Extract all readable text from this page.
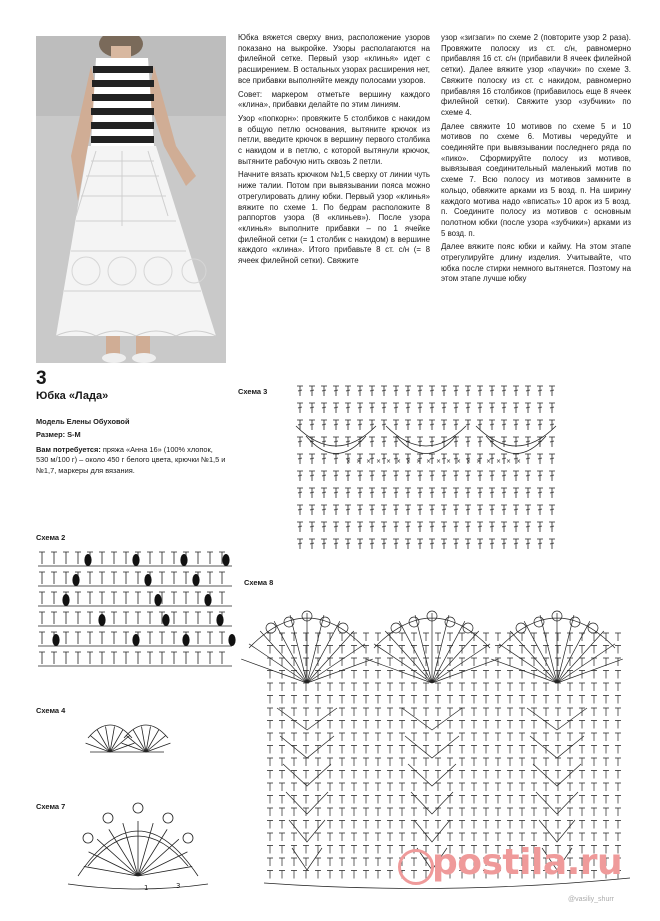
Юбка вяжется сверху вниз, расположение узоров показано на выкройке. Узоры располагаются на филейной сетке. Первый узор «клинья» идет с расширением. В остальных узорах расширения нет, все прибавки выполняйте между полосами узоров.

Совет: маркером отметьте вершину каждого «клина», прибавки делайте по этим линиям.

Узор «попкорн»: провяжите 5 столбиков с накидом в общую петлю основания, вытяните крючок из петли, введите крючок в вершину первого столбика с накидом и в петлю, с которой вытянули крючок, вытяните рабочую нить сквозь 2 петли.

Начните вязать крючком №1,5 сверху от линии чуть ниже талии. Потом при вывязывании пояса можно отрегулировать длину юбки. Первый узор «клинья» вяжите по схеме 1. По бедрам расположите 8 раппортов узора (8 «клиньев»). После узора «клинья» выполните прибавки – по 1 ячейке филейной сетки (= 1 столбик с накидом) в вершине каждого «клина». Итого прибавьте 8 ст. с/н (= 8 ячеек филейной сетки). Свяжите

узор «зигзаги» по схеме 2 (повторите узор 2 раза). Провяжите полоску из ст. с/н, равномерно прибавляя 16 ст. с/н (прибавили 8 ячеек филейной сетки). Далее вяжите узор «паучки» по схеме 3. Свяжите полоску из ст. с накидом, равномерно прибавляя 16 столбиков (прибавилось еще 8 ячеек филейной сетки). Свяжите узор «зубчики» по схеме 4.

Далее свяжите 10 мотивов по схеме 5 и 10 мотивов по схеме 6. Мотивы чередуйте и соединяйте при вывязывании последнего ряда по «пико». Сформируйте полосу из мотивов, вывязывая соединительный маленький мотив по схеме 7. Всю полосу из мотивов замкните в кольцо, обвяжите арками из 5 возд. п. На ширину каждого мотива надо «вписать» 10 арок из 5 возд. п. Соедините полосу из мотивов с основным полотном юбки (после узора «зубчики») арками из 5 возд. п.

Далее вяжите пояс юбки и кайму. На этом этапе отрегулируйте длину изделия. Учитывайте, что юбка после стирки немного вытянется. Поэтому на этом этапе лучше юбку

3
Юбка «Лада»
Модель Елены Обуховой
Размер: S-M
Вам потребуется: пряжа «Анна 16» (100% хлопок, 530 м/100 г) – около 450 г белого цвета, крючки №1,5 и №1,7, маркеры для вязания.
Схема 3
Схема 2
Схема 8
Схема 4
Схема 7
× × × × × × × × × × × × × × × × × ×
1	3
postila.ru
@vasiliy_shurr
